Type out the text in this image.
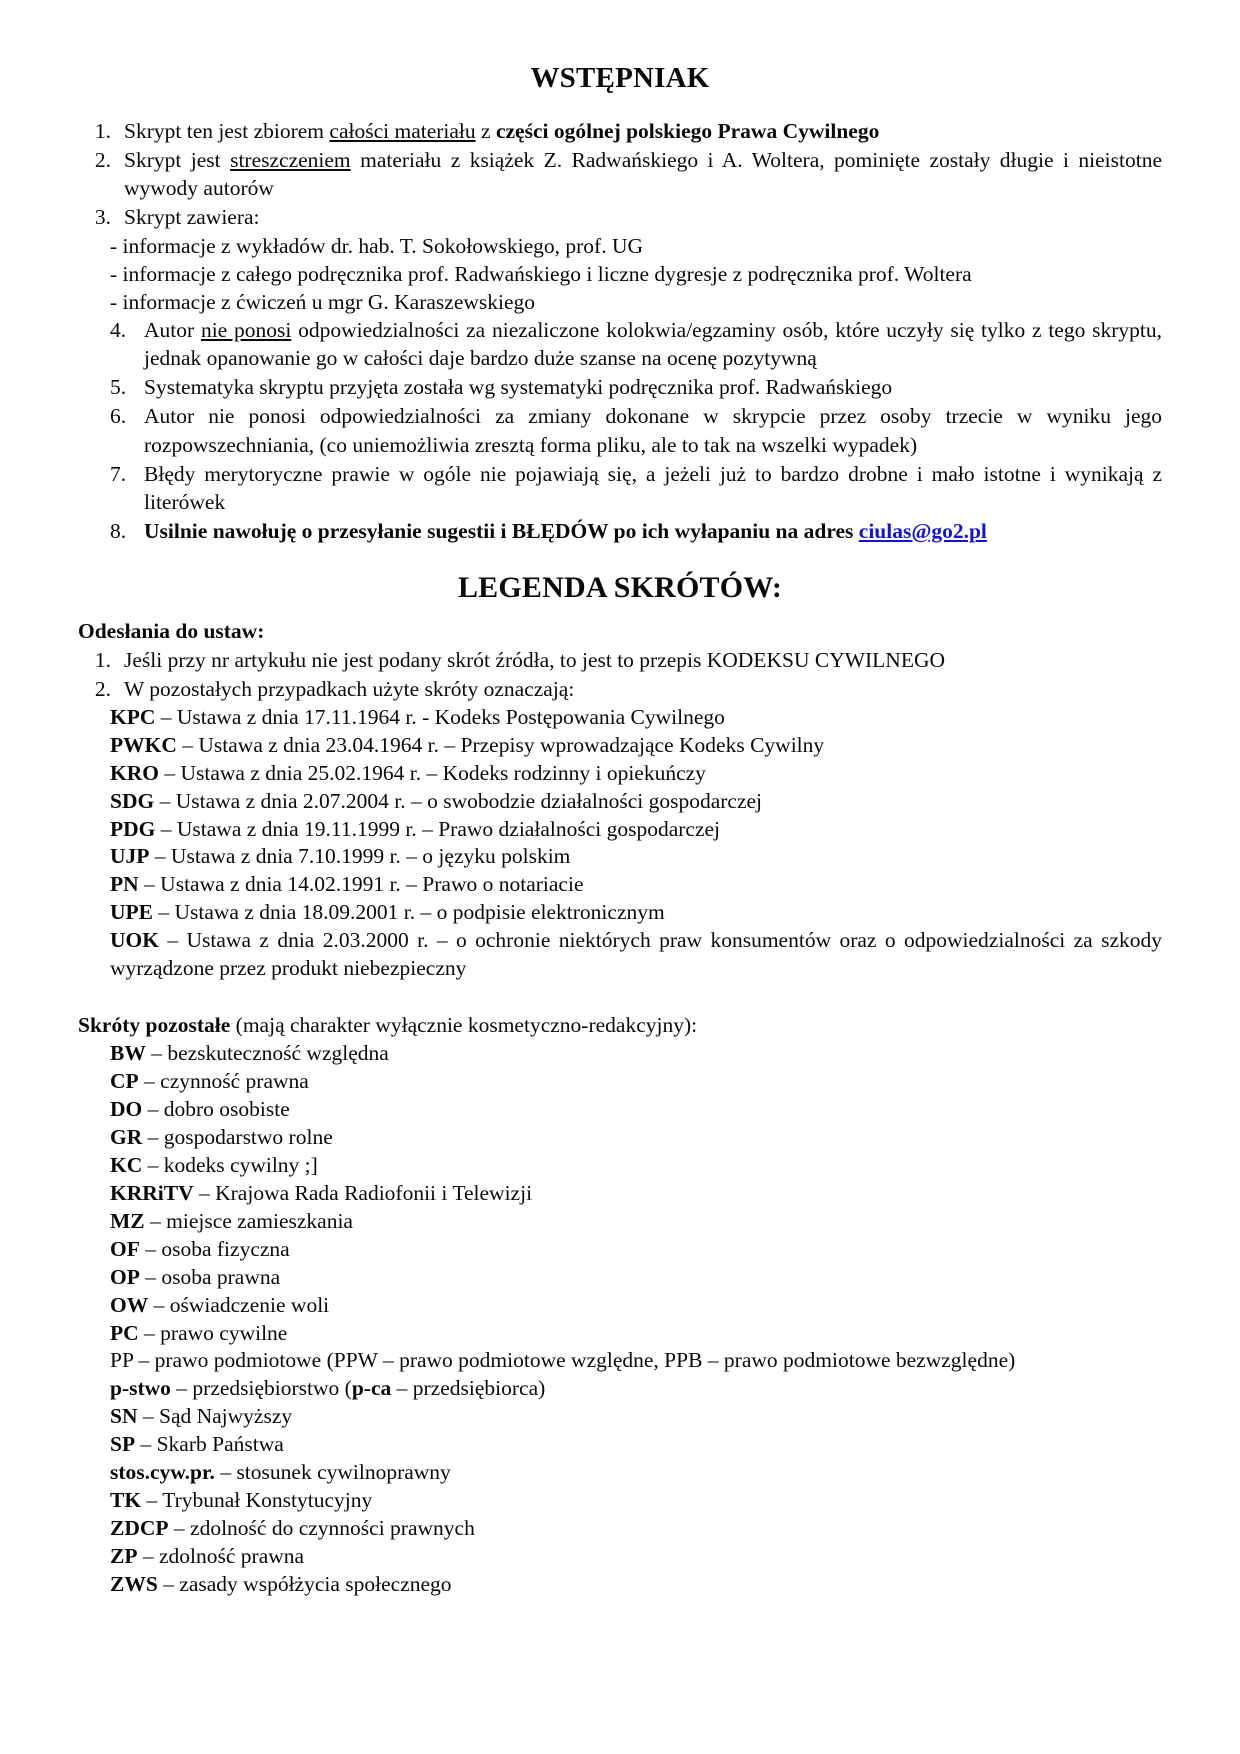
WSTĘPNIAK
1. Skrypt ten jest zbiorem całości materiału z części ogólnej polskiego Prawa Cywilnego
2. Skrypt jest streszczeniem materiału z książek Z. Radwańskiego i A. Woltera, pominięte zostały długie i nieistotne wywody autorów
3. Skrypt zawiera:
- informacje z wykładów dr. hab. T. Sokołowskiego, prof. UG
- informacje z całego podręcznika prof. Radwańskiego i liczne dygresje z podręcznika prof. Woltera
- informacje z ćwiczeń u mgr G. Karaszewskiego
4. Autor nie ponosi odpowiedzialności za niezaliczone kolokwia/egzaminy osób, które uczyły się tylko z tego skryptu, jednak opanowanie go w całości daje bardzo duże szanse na ocenę pozytywną
5. Systematyka skryptu przyjęta została wg systematyki podręcznika prof. Radwańskiego
6. Autor nie ponosi odpowiedzialności za zmiany dokonane w skrypcie przez osoby trzecie w wyniku jego rozpowszechniania, (co uniemożliwia zresztą forma pliku, ale to tak na wszelki wypadek)
7. Błędy merytoryczne prawie w ogóle nie pojawiają się, a jeżeli już to bardzo drobne i mało istotne i wynikają z literówek
8. Usilnie nawołuję o przesyłanie sugestii i BŁĘDÓW po ich wyłapaniu na adres ciulas@go2.pl
LEGENDA SKRÓTÓW:
Odesłania do ustaw:
1. Jeśli przy nr artykułu nie jest podany skrót źródła, to jest to przepis KODEKSU CYWILNEGO
2. W pozostałych przypadkach użyte skróty oznaczają:
KPC – Ustawa z dnia 17.11.1964 r. - Kodeks Postępowania Cywilnego
PWKC – Ustawa z dnia 23.04.1964 r. – Przepisy wprowadzające Kodeks Cywilny
KRO – Ustawa z dnia 25.02.1964 r. – Kodeks rodzinny i opiekuńczy
SDG – Ustawa z dnia 2.07.2004 r. – o swobodzie działalności gospodarczej
PDG – Ustawa z dnia 19.11.1999 r. – Prawo działalności gospodarczej
UJP – Ustawa z dnia 7.10.1999 r. – o języku polskim
PN – Ustawa z dnia 14.02.1991 r. – Prawo o notariacie
UPE – Ustawa z dnia 18.09.2001 r. – o podpisie elektronicznym
UOK – Ustawa z dnia 2.03.2000 r. – o ochronie niektórych praw konsumentów oraz o odpowiedzialności za szkody wyrządzone przez produkt niebezpieczny
Skróty pozostałe (mają charakter wyłącznie kosmetyczno-redakcyjny):
BW – bezskuteczność względna
CP – czynność prawna
DO – dobro osobiste
GR – gospodarstwo rolne
KC – kodeks cywilny ;]
KRRiTV – Krajowa Rada Radiofonii i Telewizji
MZ – miejsce zamieszkania
OF – osoba fizyczna
OP – osoba prawna
OW – oświadczenie woli
PC – prawo cywilne
PP – prawo podmiotowe (PPW – prawo podmiotowe względne, PPB – prawo podmiotowe bezwzględne)
p-stwo – przedsiębiorstwo (p-ca – przedsiębiorca)
SN – Sąd Najwyższy
SP – Skarb Państwa
stos.cyw.pr. – stosunek cywilnoprawny
TK – Trybunał Konstytucyjny
ZDCP – zdolność do czynności prawnych
ZP – zdolność prawna
ZWS – zasady współżycia społecznego
